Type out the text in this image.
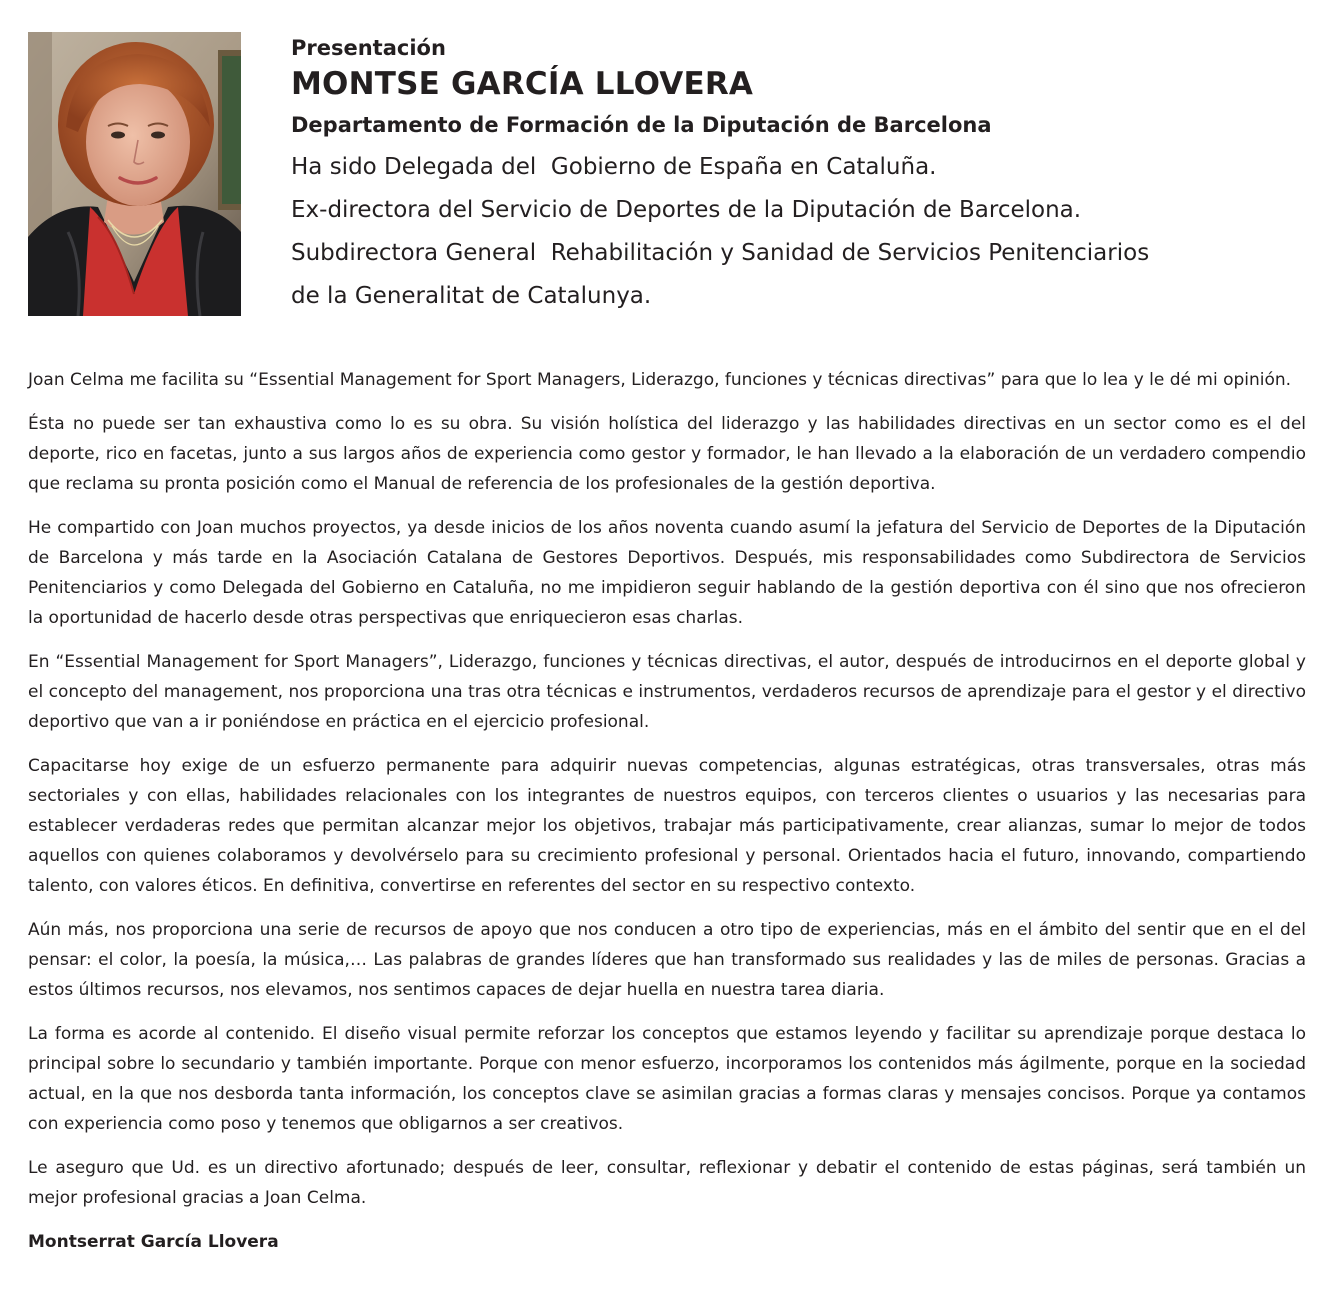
Presentación
MONTSE GARCÍA LLOVERA
Departamento de Formación de la Diputación de Barcelona
Ha sido Delegada del  Gobierno de España en Cataluña.
Ex-directora del Servicio de Deportes de la Diputación de Barcelona.
Subdirectora General  Rehabilitación y Sanidad de Servicios Penitenciarios
de la Generalitat de Catalunya.

Joan Celma me facilita su “Essential Management for Sport Managers, Liderazgo, funciones y técnicas directivas” para que lo lea y le dé mi opinión.

Ésta no puede ser tan exhaustiva como lo es su obra. Su visión holística del liderazgo y las habilidades directivas en un sector como es el del deporte, rico en facetas, junto a sus largos años de experiencia como gestor y formador, le han llevado a la elaboración de un verdadero compendio que reclama su pronta posición como el Manual de referencia de los profesionales de la gestión deportiva.

He compartido con Joan muchos proyectos, ya desde inicios de los años noventa cuando asumí la jefatura del Servicio de Deportes de la Diputación de Barcelona y más tarde en la Asociación Catalana de Gestores Deportivos. Después, mis responsabilidades como Subdirectora de Servicios Penitenciarios y como Delegada del Gobierno en Cataluña, no me impidieron seguir hablando de la gestión deportiva con él sino que nos ofrecieron la oportunidad de hacerlo desde otras perspectivas que enriquecieron esas charlas.

En “Essential Management for Sport Managers”, Liderazgo, funciones y técnicas directivas, el autor, después de introducirnos en el deporte global y el concepto del management, nos proporciona una tras otra técnicas e instrumentos, verdaderos recursos de aprendizaje para el gestor y el directivo deportivo que van a ir poniéndose en práctica en el ejercicio profesional.

Capacitarse hoy exige de un esfuerzo permanente para adquirir nuevas competencias, algunas estratégicas, otras transversales, otras más sectoriales y con ellas, habilidades relacionales con los integrantes de nuestros equipos, con terceros clientes o usuarios y las necesarias para establecer verdaderas redes que permitan alcanzar mejor los objetivos, trabajar más participativamente, crear alianzas, sumar lo mejor de todos aquellos con quienes colaboramos y devolvérselo para su crecimiento profesional y personal. Orientados hacia el futuro, innovando, compartiendo talento, con valores éticos. En definitiva, convertirse en referentes del sector en su respectivo contexto.

Aún más, nos proporciona una serie de recursos de apoyo que nos conducen a otro tipo de experiencias, más en el ámbito del sentir que en el del pensar: el color, la poesía, la música,… Las palabras de grandes líderes que han transformado sus realidades y las de miles de personas. Gracias a estos últimos recursos, nos elevamos, nos sentimos capaces de dejar huella en nuestra tarea diaria.

La forma es acorde al contenido. El diseño visual permite reforzar los conceptos que estamos leyendo y facilitar su aprendizaje porque destaca lo principal sobre lo secundario y también importante. Porque con menor esfuerzo, incorporamos los contenidos más ágilmente, porque en la sociedad actual, en la que nos desborda tanta información, los conceptos clave se asimilan gracias a formas claras y mensajes concisos. Porque ya contamos con experiencia como poso y tenemos que obligarnos a ser creativos.

Le aseguro que Ud. es un directivo afortunado; después de leer, consultar, reflexionar y debatir el contenido de estas páginas, será también un mejor profesional gracias a Joan Celma.

Montserrat García Llovera
